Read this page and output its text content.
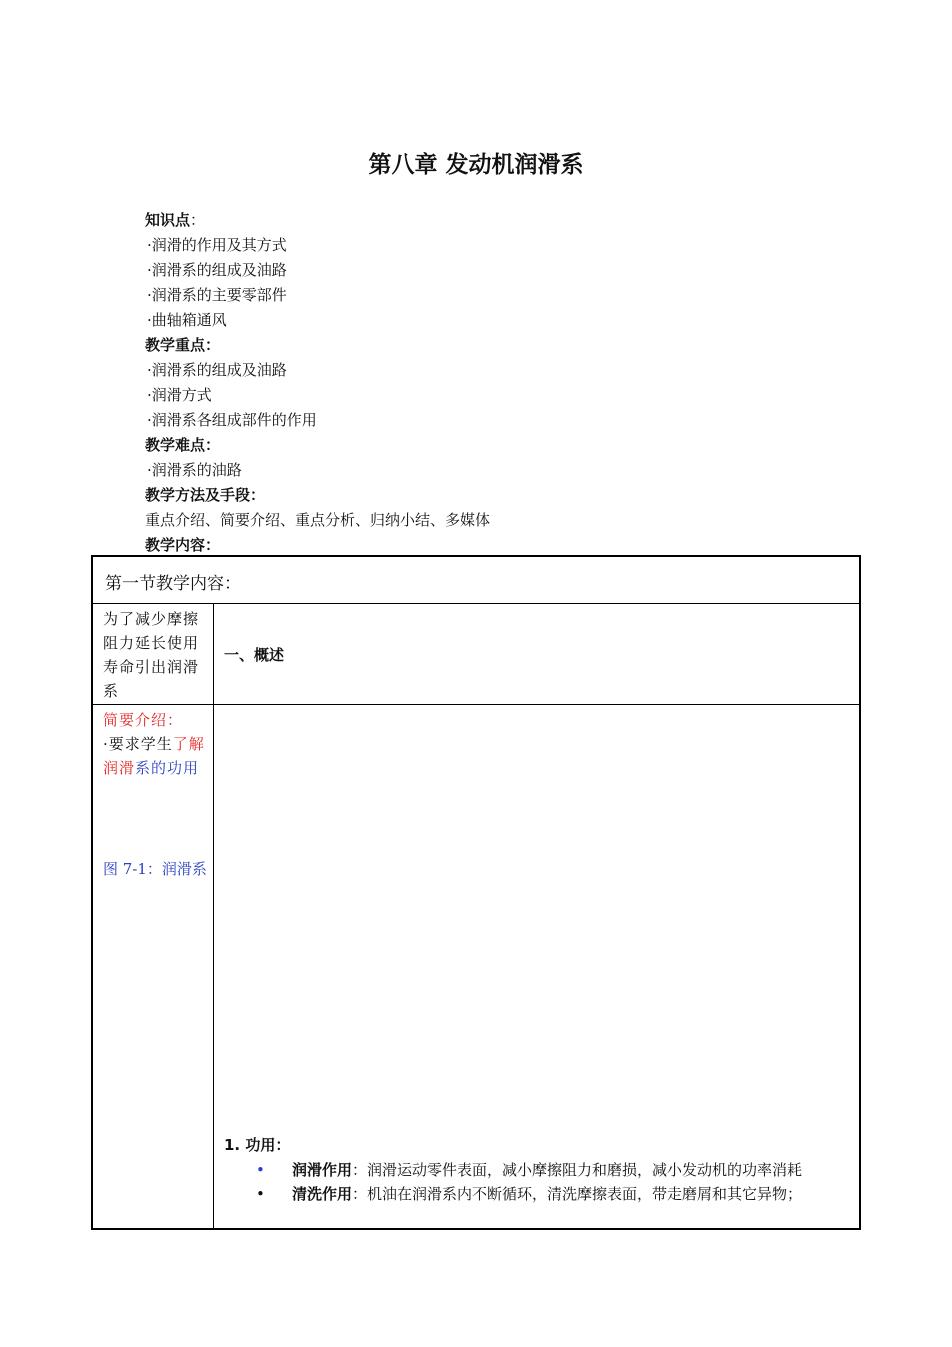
第八章 发动机润滑系
知识点：
·润滑的作用及其方式
·润滑系的组成及油路
·润滑系的主要零部件
·曲轴箱通风
教学重点：
·润滑系的组成及油路
·润滑方式
·润滑系各组成部件的作用
教学难点：
·润滑系的油路
教学方法及手段：
重点介绍、简要介绍、重点分析、归纳小结、多媒体
教学内容：
第一节教学内容：
为了减少摩擦阻力延长使用寿命引出润滑系
一、概述
简要介绍：
·要求学生了解润滑系的功用
图 7-1：润滑系
1. 功用：
• 润滑作用：润滑运动零件表面，减小摩擦阻力和磨损，减小发动机的功率消耗
• 清洗作用：机油在润滑系内不断循环，清洗摩擦表面，带走磨屑和其它异物；
